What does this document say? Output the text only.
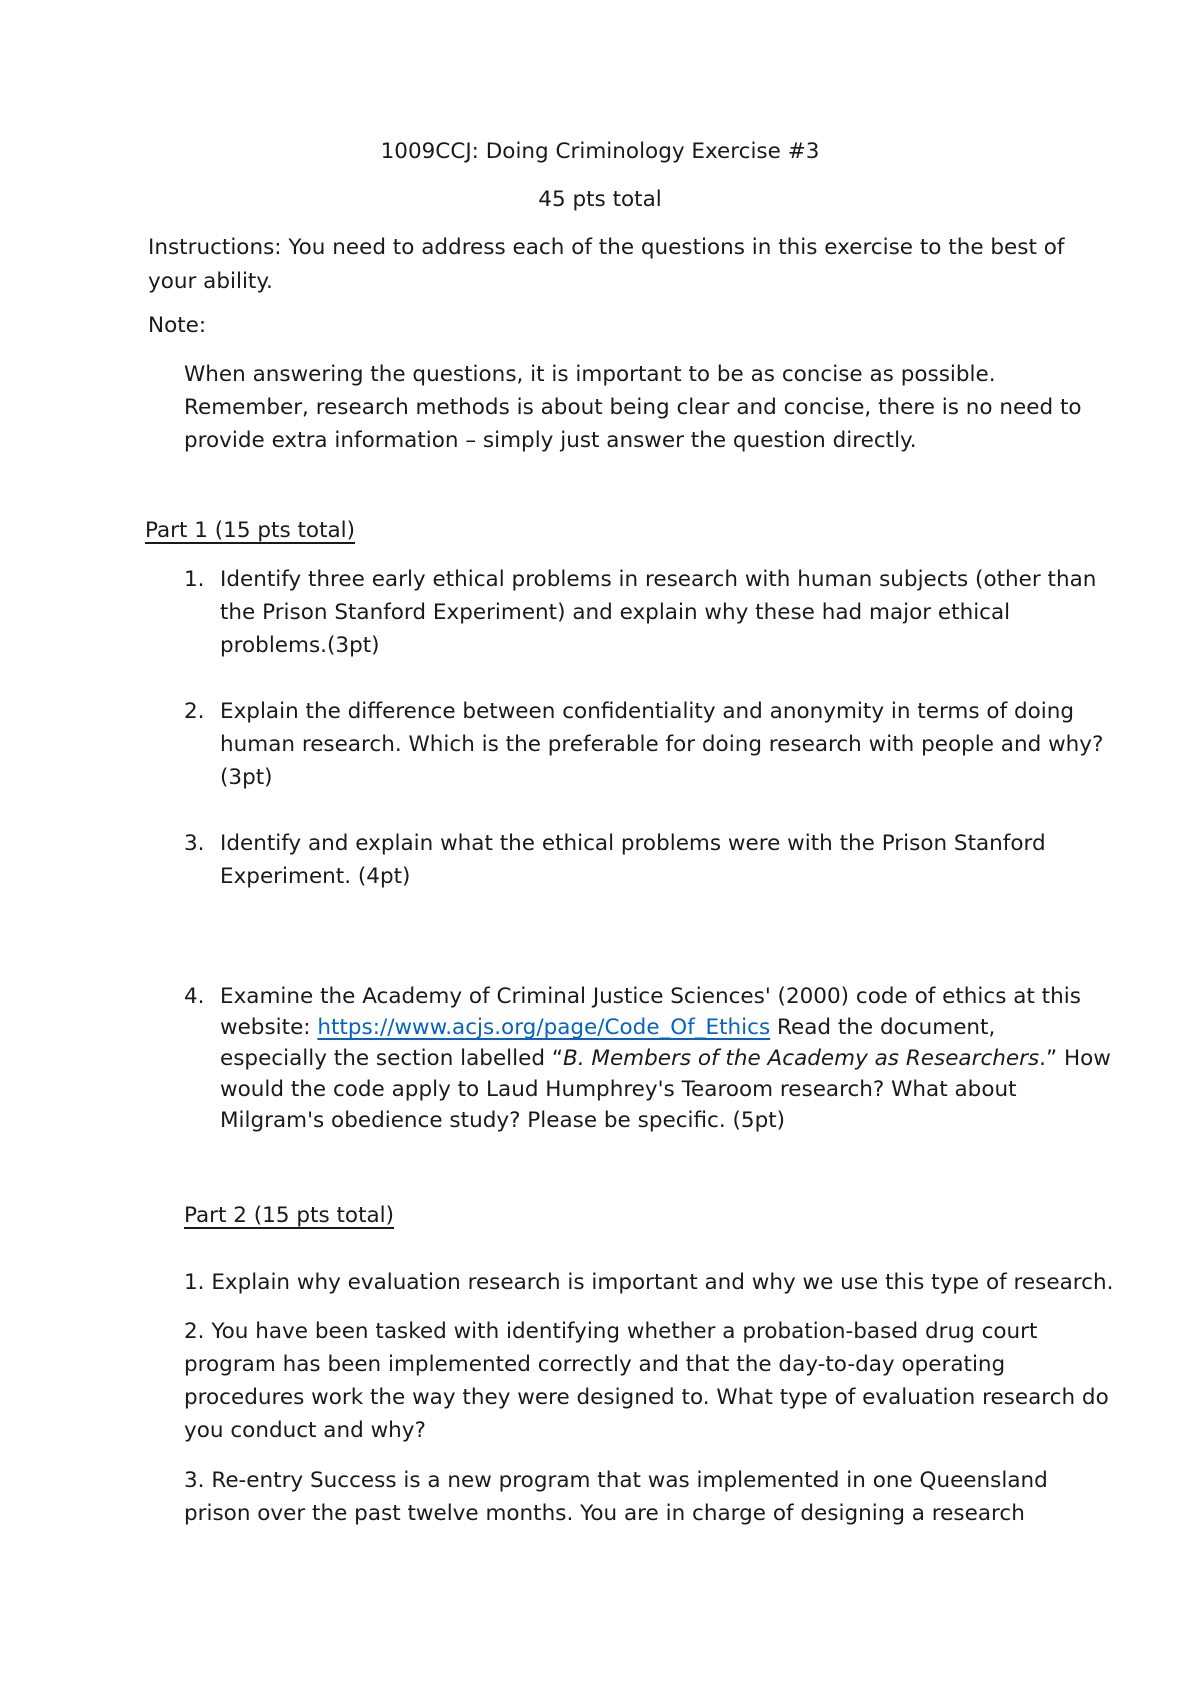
1009CCJ: Doing Criminology Exercise #3
45 pts total
Instructions: You need to address each of the questions in this exercise to the best of
your ability.
Note:
When answering the questions, it is important to be as concise as possible.
Remember, research methods is about being clear and concise, there is no need to
provide extra information – simply just answer the question directly.
Part 1 (15 pts total)
1. Identify three early ethical problems in research with human subjects (other than
the Prison Stanford Experiment) and explain why these had major ethical
problems.(3pt)
2. Explain the difference between confidentiality and anonymity in terms of doing
human research. Which is the preferable for doing research with people and why?
(3pt)
3. Identify and explain what the ethical problems were with the Prison Stanford
Experiment. (4pt)
4. Examine the Academy of Criminal Justice Sciences' (2000) code of ethics at this
website: https://www.acjs.org/page/Code_Of_Ethics Read the document,
especially the section labelled “B. Members of the Academy as Researchers.” How
would the code apply to Laud Humphrey's Tearoom research? What about
Milgram's obedience study? Please be specific. (5pt)
Part 2 (15 pts total)
1. Explain why evaluation research is important and why we use this type of research.
2. You have been tasked with identifying whether a probation-based drug court
program has been implemented correctly and that the day-to-day operating
procedures work the way they were designed to. What type of evaluation research do
you conduct and why?
3. Re-entry Success is a new program that was implemented in one Queensland
prison over the past twelve months. You are in charge of designing a research
